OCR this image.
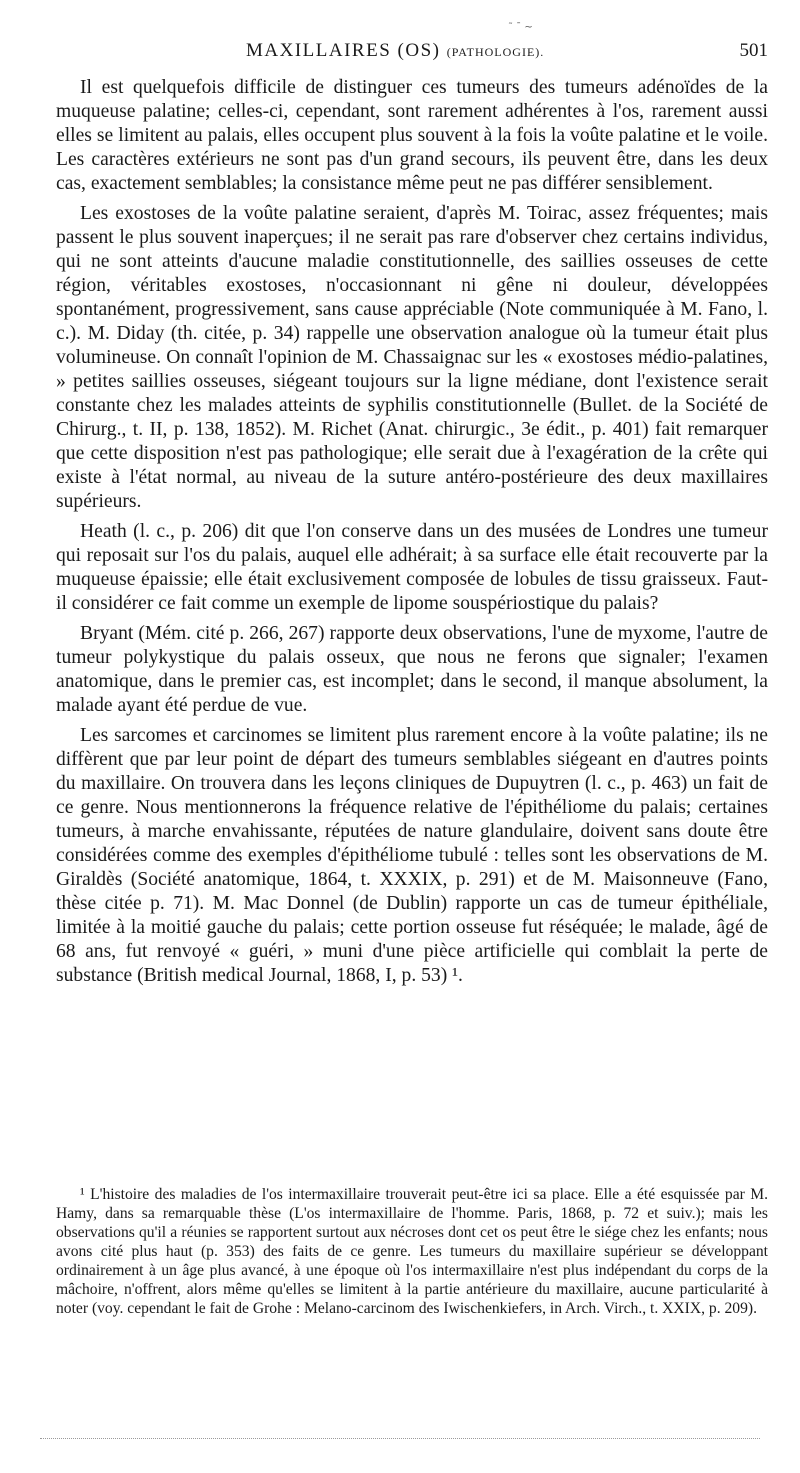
˜ ˉ ~
MAXILLAIRES (OS) (PATHOLOGIE).	501

Il est quelquefois difficile de distinguer ces tumeurs des tumeurs adénoïdes de la muqueuse palatine; celles-ci, cependant, sont rarement adhérentes à l'os, rarement aussi elles se limitent au palais, elles occupent plus souvent à la fois la voûte palatine et le voile. Les caractères extérieurs ne sont pas d'un grand secours, ils peuvent être, dans les deux cas, exactement semblables; la consistance même peut ne pas différer sensiblement.

Les exostoses de la voûte palatine seraient, d'après M. Toirac, assez fréquentes; mais passent le plus souvent inaperçues; il ne serait pas rare d'observer chez certains individus, qui ne sont atteints d'aucune maladie constitutionnelle, des saillies osseuses de cette région, véritables exostoses, n'occasionnant ni gêne ni douleur, développées spontanément, progressivement, sans cause appréciable (Note communiquée à M. Fano, l. c.). M. Diday (th. citée, p. 34) rappelle une observation analogue où la tumeur était plus volumineuse. On connaît l'opinion de M. Chassaignac sur les « exostoses médio-palatines, » petites saillies osseuses, siégeant toujours sur la ligne médiane, dont l'existence serait constante chez les malades atteints de syphilis constitutionnelle (Bullet. de la Société de Chirurg., t. II, p. 138, 1852). M. Richet (Anat. chirurgic., 3e édit., p. 401) fait remarquer que cette disposition n'est pas pathologique; elle serait due à l'exagération de la crête qui existe à l'état normal, au niveau de la suture antéro-postérieure des deux maxillaires supérieurs.

Heath (l. c., p. 206) dit que l'on conserve dans un des musées de Londres une tumeur qui reposait sur l'os du palais, auquel elle adhérait; à sa surface elle était recouverte par la muqueuse épaissie; elle était exclusivement composée de lobules de tissu graisseux. Faut-il considérer ce fait comme un exemple de lipome souspériostique du palais?

Bryant (Mém. cité p. 266, 267) rapporte deux observations, l'une de myxome, l'autre de tumeur polykystique du palais osseux, que nous ne ferons que signaler; l'examen anatomique, dans le premier cas, est incomplet; dans le second, il manque absolument, la malade ayant été perdue de vue.

Les sarcomes et carcinomes se limitent plus rarement encore à la voûte palatine; ils ne diffèrent que par leur point de départ des tumeurs semblables siégeant en d'autres points du maxillaire. On trouvera dans les leçons cliniques de Dupuytren (l. c., p. 463) un fait de ce genre. Nous mentionnerons la fréquence relative de l'épithéliome du palais; certaines tumeurs, à marche envahissante, réputées de nature glandulaire, doivent sans doute être considérées comme des exemples d'épithéliome tubulé : telles sont les observations de M. Giraldès (Société anatomique, 1864, t. XXXIX, p. 291) et de M. Maisonneuve (Fano, thèse citée p. 71). M. Mac Donnel (de Dublin) rapporte un cas de tumeur épithéliale, limitée à la moitié gauche du palais; cette portion osseuse fut réséquée; le malade, âgé de 68 ans, fut renvoyé « guéri, » muni d'une pièce artificielle qui comblait la perte de substance (British medical Journal, 1868, I, p. 53) ¹.

¹ L'histoire des maladies de l'os intermaxillaire trouverait peut-être ici sa place. Elle a été esquissée par M. Hamy, dans sa remarquable thèse (L'os intermaxillaire de l'homme. Paris, 1868, p. 72 et suiv.); mais les observations qu'il a réunies se rapportent surtout aux nécroses dont cet os peut être le siége chez les enfants; nous avons cité plus haut (p. 353) des faits de ce genre. Les tumeurs du maxillaire supérieur se développant ordinairement à un âge plus avancé, à une époque où l'os intermaxillaire n'est plus indépendant du corps de la mâchoire, n'offrent, alors même qu'elles se limitent à la partie antérieure du maxillaire, aucune particularité à noter (voy. cependant le fait de Grohe : Melano-carcinom des Iwischenkiefers, in Arch. Virch., t. XXIX, p. 209).
